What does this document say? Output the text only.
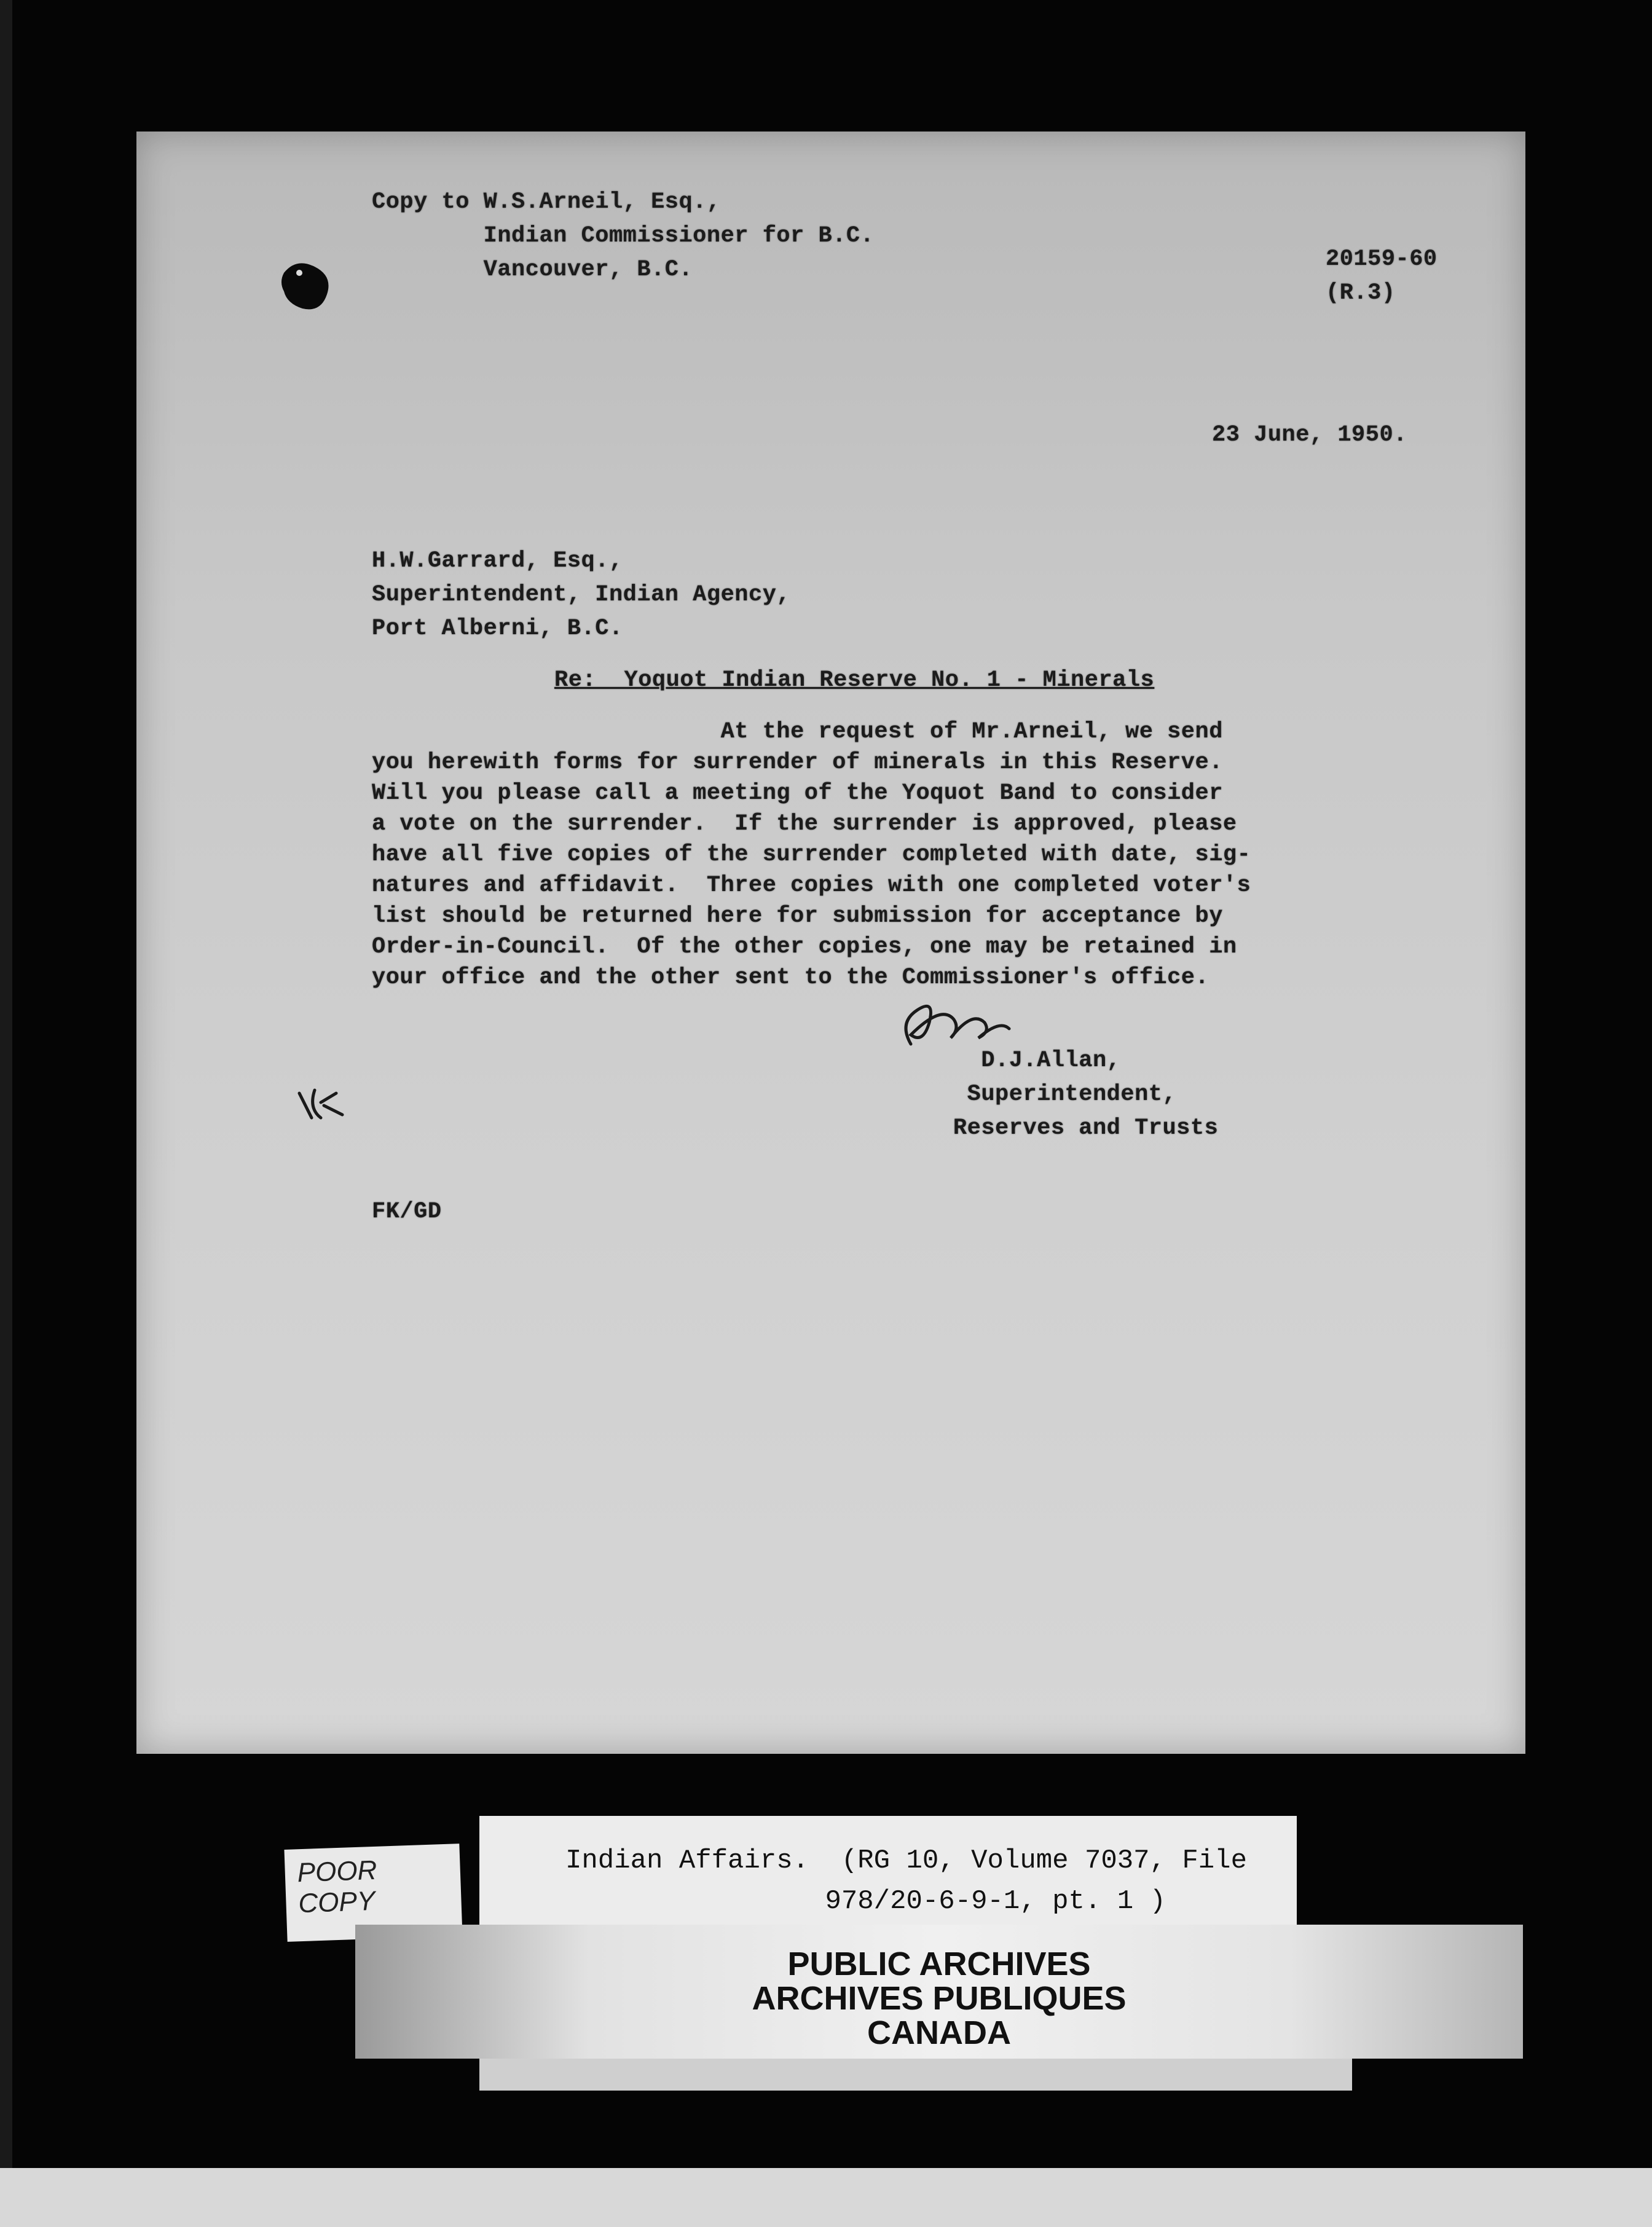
Copy to W.S.Arneil, Esq.,
Indian Commissioner for B.C.
Vancouver, B.C.	20159-60
(R.3)
23 June, 1950.
H.W.Garrard, Esq.,
Superintendent, Indian Agency,
Port Alberni, B.C.
Re:  Yoquot Indian Reserve No. 1 - Minerals
At the request of Mr.Arneil, we send
you herewith forms for surrender of minerals in this Reserve.
Will you please call a meeting of the Yoquot Band to consider
a vote on the surrender.  If the surrender is approved, please
have all five copies of the surrender completed with date, sig-
natures and affidavit.  Three copies with one completed voter's
list should be returned here for submission for acceptance by
Order-in-Council.  Of the other copies, one may be retained in
your office and the other sent to the Commissioner's office.
D.J.Allan,
Superintendent,
Reserves and Trusts
FK/GD
POOR
COPY
Indian Affairs.  (RG 10, Volume 7037, File
978/20-6-9-1, pt. 1 )
PUBLIC ARCHIVES
ARCHIVES PUBLIQUES
CANADA
